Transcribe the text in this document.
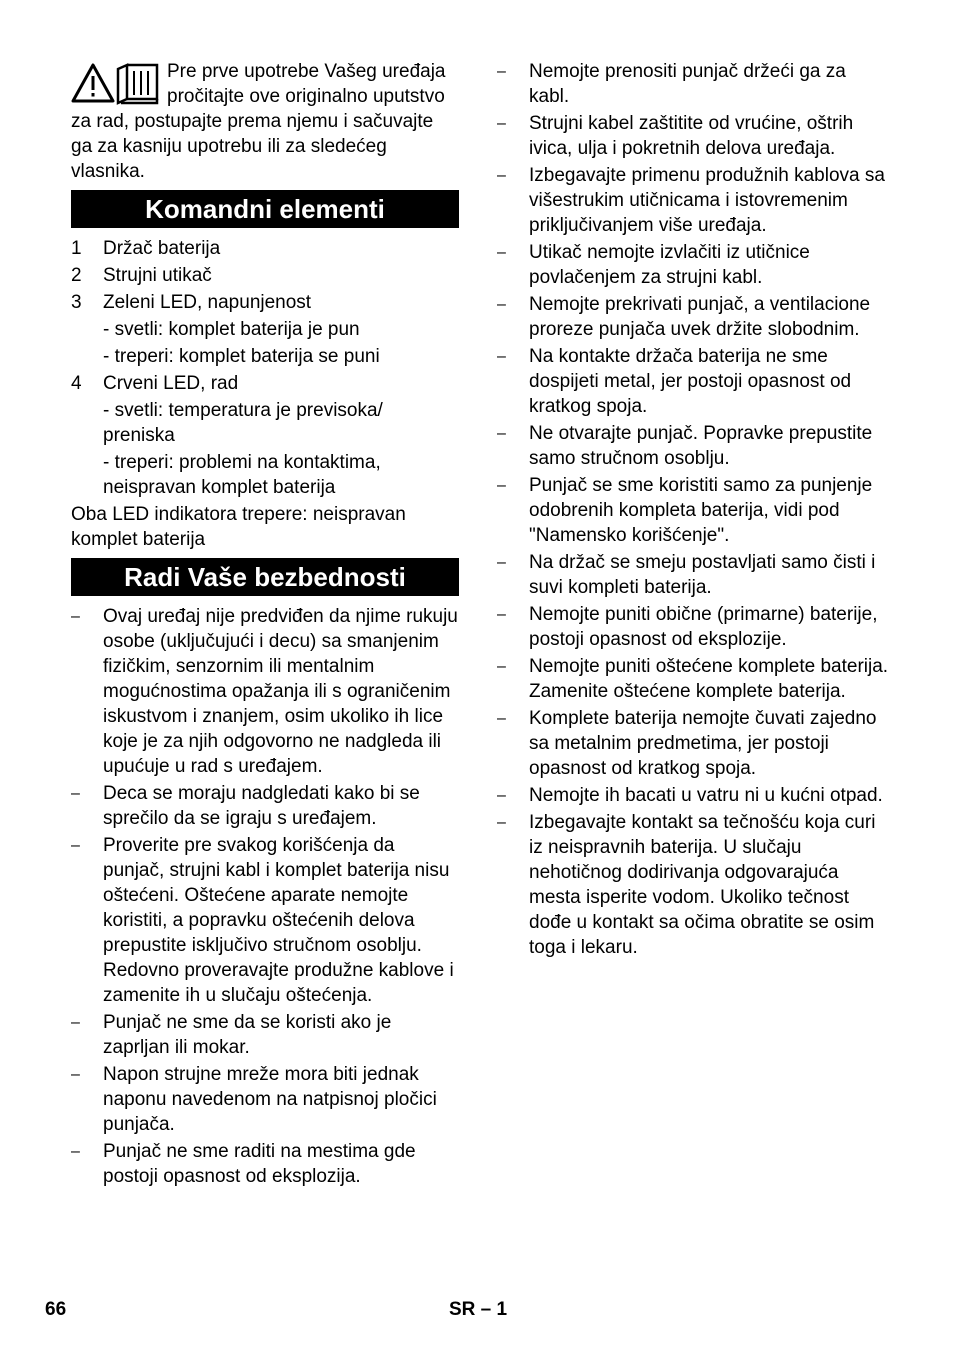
Pre prve upotrebe Vašeg uređaja pročitajte ove originalno uputstvo za rad, postupajte prema njemu i sačuvajte ga za kasniju upotrebu ili za sledećeg vlasnika.

Komandni elementi
1	Držač baterija
2	Strujni utikač
3	Zeleni LED, napunjenost
- svetli: komplet baterija je pun
- treperi: komplet baterija se puni
4	Crveni LED, rad
- svetli: temperatura je previsoka/ preniska
- treperi: problemi na kontaktima, neispravan komplet baterija

Oba LED indikatora trepere: neispravan komplet baterija

Radi Vaše bezbednosti
–	Ovaj uređaj nije predviđen da njime rukuju osobe (uključujući i decu) sa smanjenim fizičkim, senzornim ili mentalnim mogućnostima opažanja ili s ograničenim iskustvom i znanjem, osim ukoliko ih lice koje je za njih odgovorno ne nadgleda ili upućuje u rad s uređajem.
–	Deca se moraju nadgledati kako bi se sprečilo da se igraju s uređajem.
–	Proverite pre svakog korišćenja da punjač, strujni kabl i komplet baterija nisu oštećeni. Oštećene aparate nemojte koristiti, a popravku oštećenih delova prepustite isključivo stručnom osoblju. Redovno proveravajte produžne kablove i zamenite ih u slučaju oštećenja.
–	Punjač ne sme da se koristi ako je zaprljan ili mokar.
–	Napon strujne mreže mora biti jednak naponu navedenom na natpisnoj pločici punjača.
–	Punjač ne sme raditi na mestima gde postoji opasnost od eksplozija.
–	Nemojte prenositi punjač držeći ga za kabl.
–	Strujni kabel zaštitite od vrućine, oštrih ivica, ulja i pokretnih delova uređaja.
–	Izbegavajte primenu produžnih kablova sa višestrukim utičnicama i istovremenim priključivanjem više uređaja.
–	Utikač nemojte izvlačiti iz utičnice povlačenjem za strujni kabl.
–	Nemojte prekrivati punjač, a ventilacione proreze punjača uvek držite slobodnim.
–	Na kontakte držača baterija ne sme dospijeti metal, jer postoji opasnost od kratkog spoja.
–	Ne otvarajte punjač. Popravke prepustite samo stručnom osoblju.
–	Punjač se sme koristiti samo za punjenje odobrenih kompleta baterija, vidi pod "Namensko korišćenje".
–	Na držač se smeju postavljati samo čisti i suvi kompleti baterija.
–	Nemojte puniti obične (primarne) baterije, postoji opasnost od eksplozije.
–	Nemojte puniti oštećene komplete baterija. Zamenite oštećene komplete baterija.
–	Komplete baterija nemojte čuvati zajedno sa metalnim predmetima, jer postoji opasnost od kratkog spoja.
–	Nemojte ih bacati u vatru ni u kućni otpad.
–	Izbegavajte kontakt sa tečnošću koja curi iz neispravnih baterija. U slučaju nehotičnog dodirivanja odgovarajuća mesta isperite vodom. Ukoliko tečnost dođe u kontakt sa očima obratite se osim toga i lekaru.
66	SR – 1
